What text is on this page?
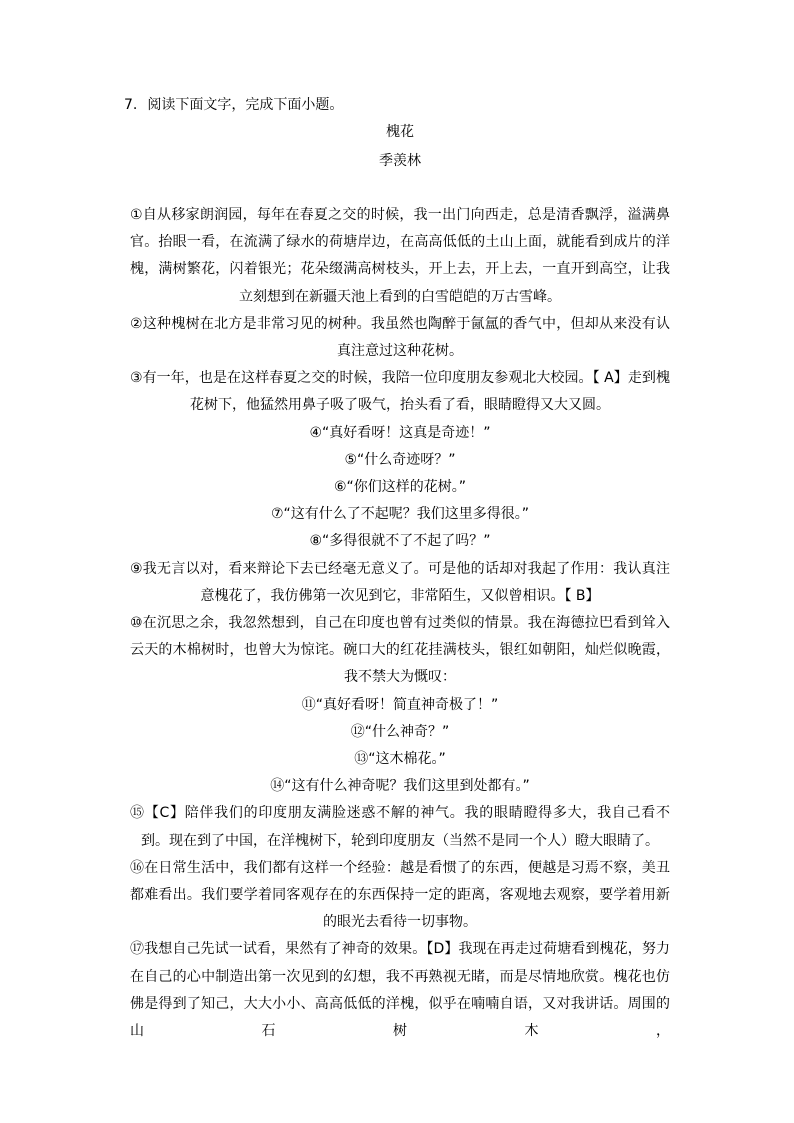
7. 阅读下面文字，完成下面小题。
槐花
季羡林

①自从移家朗润园，每年在春夏之交的时候，我一出门向西走，总是清香飘浮，溢满鼻官。抬眼一看，在流满了绿水的荷塘岸边，在高高低低的土山上面，就能看到成片的洋槐，满树繁花，闪着银光；花朵缀满高树枝头，开上去，开上去，一直开到高空，让我立刻想到在新疆天池上看到的白雪皑皑的万古雪峰。

②这种槐树在北方是非常习见的树种。我虽然也陶醉于氤氲的香气中，但却从来没有认真注意过这种花树。

③有一年，也是在这样春夏之交的时候，我陪一位印度朋友参观北大校园。【 A】走到槐花树下，他猛然用鼻子吸了吸气，抬头看了看，眼睛瞪得又大又圆。

④“真好看呀！这真是奇迹！”

⑤“什么奇迹呀？”

⑥“你们这样的花树。”

⑦“这有什么了不起呢？我们这里多得很。”

⑧“多得很就不了不起了吗？”

⑨我无言以对，看来辩论下去已经毫无意义了。可是他的话却对我起了作用：我认真注意槐花了，我仿佛第一次见到它，非常陌生，又似曾相识。【 B】

⑩在沉思之余，我忽然想到，自己在印度也曾有过类似的情景。我在海德拉巴看到耸入云天的木棉树时，也曾大为惊诧。碗口大的红花挂满枝头，银红如朝阳，灿烂似晚霞，我不禁大为慨叹：

⑪“真好看呀！简直神奇极了！”

⑫“什么神奇？”

⑬“这木棉花。”

⑭“这有什么神奇呢？我们这里到处都有。”

⑮【C】陪伴我们的印度朋友满脸迷惑不解的神气。我的眼睛瞪得多大，我自己看不到。现在到了中国，在洋槐树下，轮到印度朋友（当然不是同一个人）瞪大眼睛了。

⑯在日常生活中，我们都有这样一个经验：越是看惯了的东西，便越是习焉不察，美丑都难看出。我们要学着同客观存在的东西保持一定的距离，客观地去观察，要学着用新的眼光去看待一切事物。

⑰我想自己先试一试看，果然有了神奇的效果。【D】我现在再走过荷塘看到槐花，努力在自己的心中制造出第一次见到的幻想，我不再熟视无睹，而是尽情地欣赏。槐花也仿佛是得到了知己，大大小小、高高低低的洋槐，似乎在喃喃自语，又对我讲话。周围的山石树木，
